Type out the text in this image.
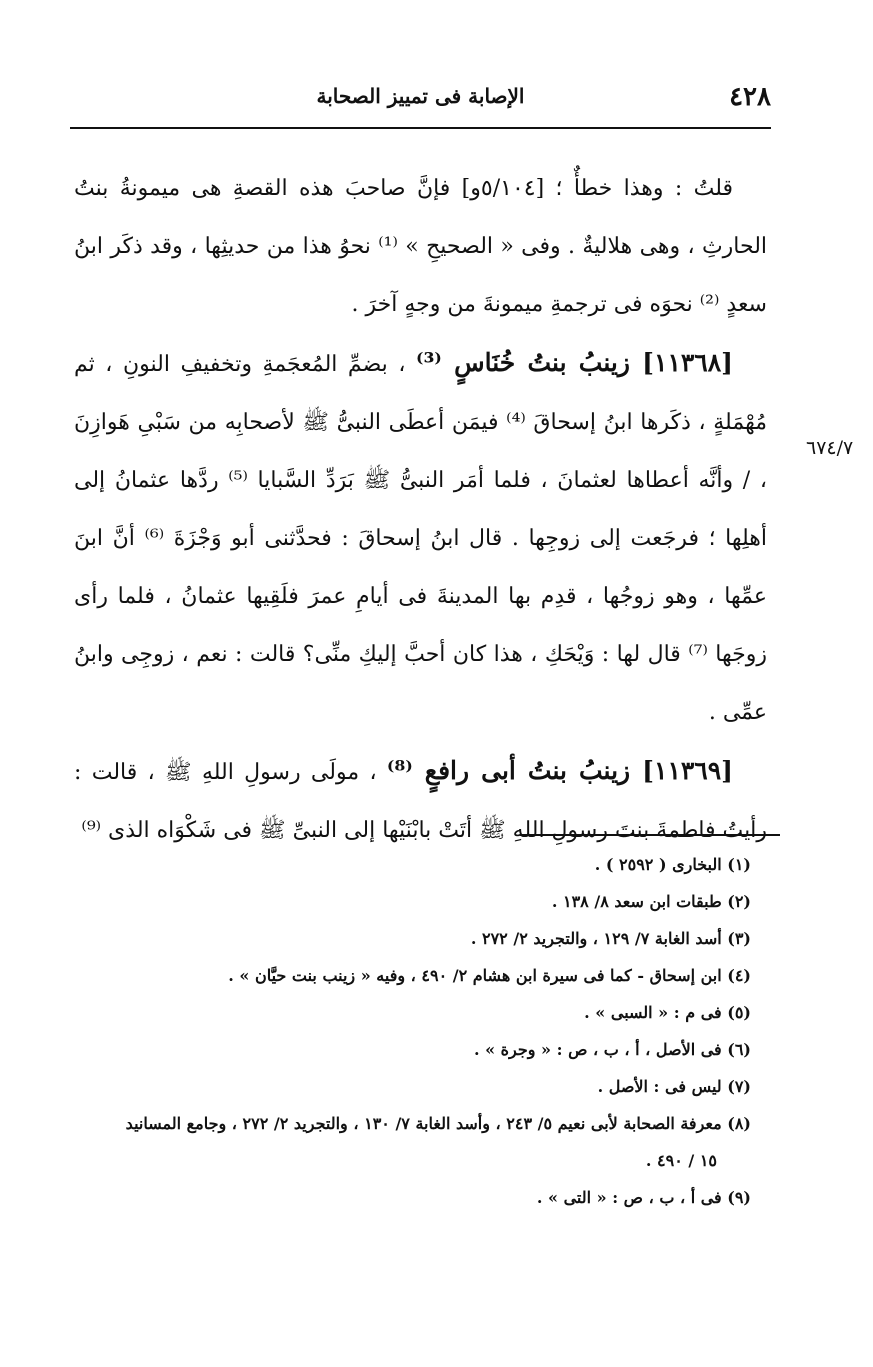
٤٢٨
الإصابة فى تمييز الصحابة
٦٧٤/٧

قلتُ : وهذا خطأٌ ؛ [٥/١٠٤و] فإنَّ صاحبَ هذه القصةِ هى ميمونةُ بنتُ الحارثِ ، وهى هلاليةٌ . وفى « الصحيحِ » ⁽¹⁾ نحوُ هذا من حديثِها ، وقد ذكَر ابنُ سعدٍ ⁽²⁾ نحوَه فى ترجمةِ ميمونةَ من وجهٍ آخرَ .

[١١٣٦٨] زينبُ بنتُ خُنَاسٍ ⁽³⁾ ، بضمِّ المُعجَمةِ وتخفيفِ النونِ ، ثم مُهْمَلةٍ ، ذكَرها ابنُ إسحاقَ ⁽⁴⁾ فيمَن أعطَى النبىُّ ﷺ لأصحابِه من سَبْىِ هَوازِنَ ، / وأنَّه أعطاها لعثمانَ ، فلما أمَر النبىُّ ﷺ بَرَدِّ السَّبايا ⁽⁵⁾ ردَّها عثمانُ إلى أهلِها ؛ فرجَعت إلى زوجِها . قال ابنُ إسحاقَ : فحدَّثنى أبو وَجْزَةَ ⁽⁶⁾ أنَّ ابنَ عمِّها ، وهو زوجُها ، قدِم بها المدينةَ فى أيامِ عمرَ فلَقِيها عثمانُ ، فلما رأى زوجَها ⁽⁷⁾ قال لها : وَيْحَكِ ، هذا كان أحبَّ إليكِ منِّى؟ قالت : نعم ، زوجِى وابنُ عمِّى .

[١١٣٦٩] زينبُ بنتُ أبى رافعٍ ⁽⁸⁾ ، مولَى رسولِ اللهِ ﷺ ، قالت : رأيتُ فاطمةَ بنتَ رسولِ اللهِ ﷺ أتَتْ بابْنَيْها إلى النبىِّ ﷺ فى شَكْوَاه الذى ⁽⁹⁾

(١) البخارى ( ٢٥٩٢ ) .

(٢) طبقات ابن سعد ٨/ ١٣٨ .

(٣) أسد الغابة ٧/ ١٢٩ ، والتجريد ٢/ ٢٧٢ .

(٤) ابن إسحاق - كما فى سيرة ابن هشام ٢/ ٤٩٠ ، وفيه « زينب بنت حيَّان » .

(٥) فى م : « السبى » .

(٦) فى الأصل ، أ ، ب ، ص : « وجرة » .

(٧) ليس فى : الأصل .

(٨) معرفة الصحابة لأبى نعيم ٥/ ٢٤٣ ، وأسد الغابة ٧/ ١٣٠ ، والتجريد ٢/ ٢٧٢ ، وجامع المسانيد

١٥ / ٤٩٠ .

(٩) فى أ ، ب ، ص : « التى » .
